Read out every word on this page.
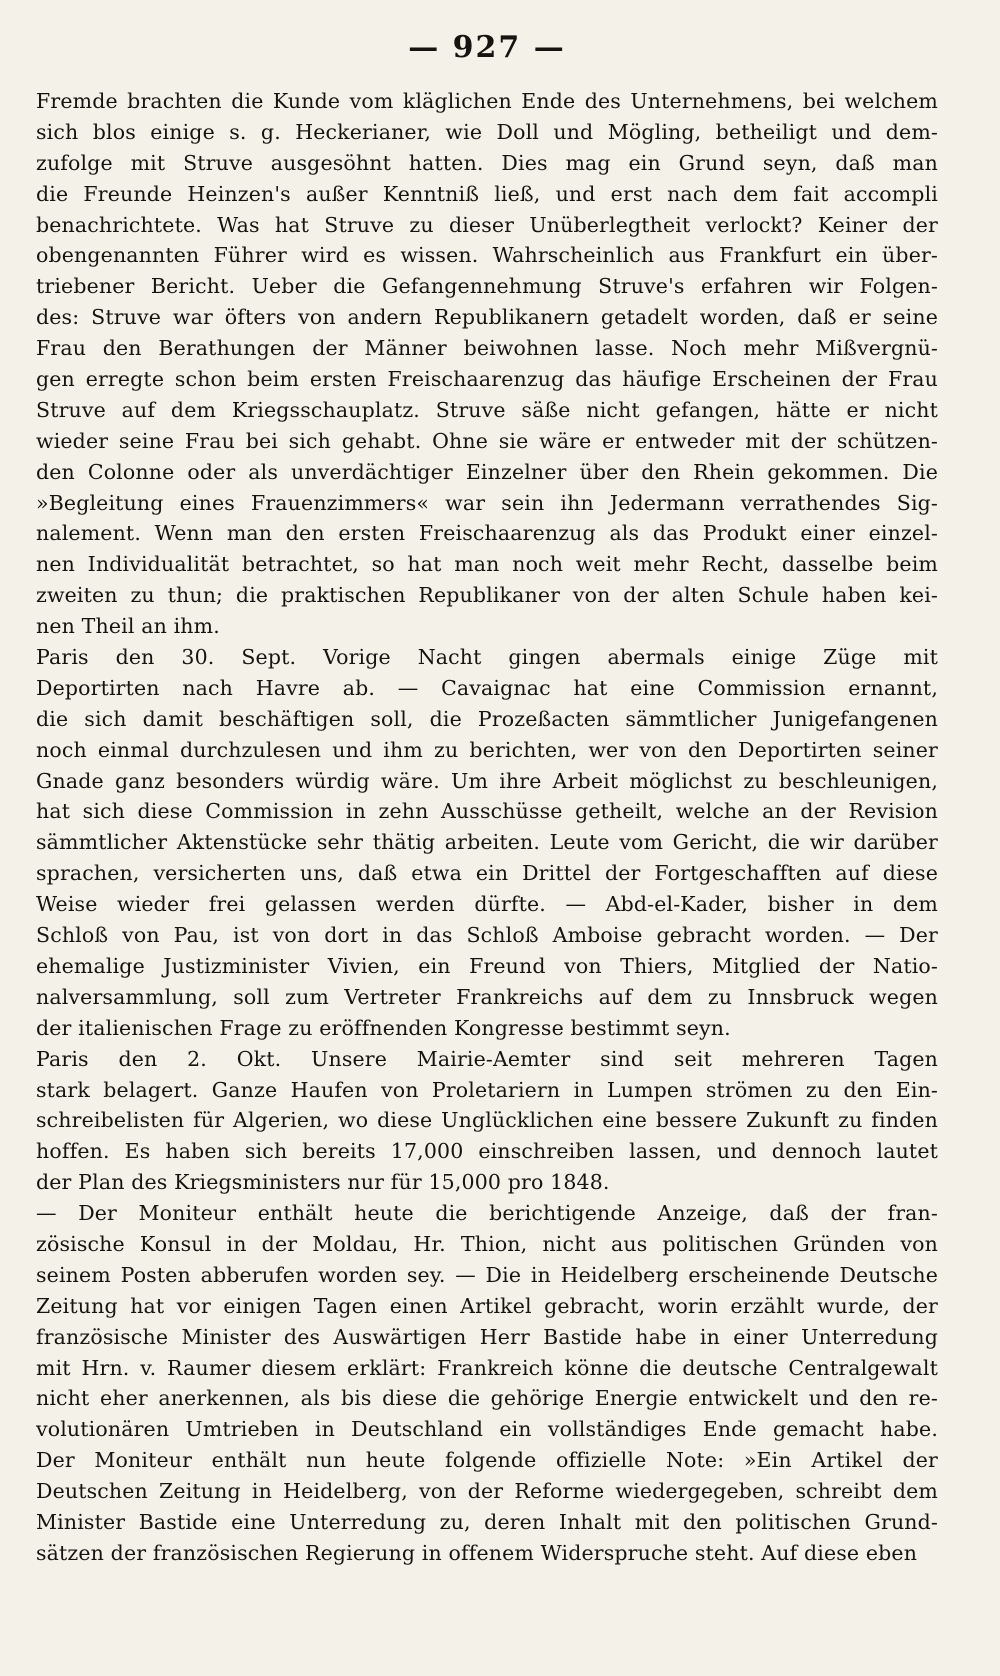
— 927 —
Fremde brachten die Kunde vom kläglichen Ende des Unternehmens, bei welchem
sich blos einige s. g. Heckerianer, wie Doll und Mögling, betheiligt und dem-
zufolge mit Struve ausgesöhnt hatten. Dies mag ein Grund seyn, daß man
die Freunde Heinzen's außer Kenntniß ließ, und erst nach dem fait accompli
benachrichtete. Was hat Struve zu dieser Unüberlegtheit verlockt? Keiner der
obengenannten Führer wird es wissen. Wahrscheinlich aus Frankfurt ein über-
triebener Bericht. Ueber die Gefangennehmung Struve's erfahren wir Folgen-
des: Struve war öfters von andern Republikanern getadelt worden, daß er seine
Frau den Berathungen der Männer beiwohnen lasse. Noch mehr Mißvergnü-
gen erregte schon beim ersten Freischaarenzug das häufige Erscheinen der Frau
Struve auf dem Kriegsschauplatz. Struve säße nicht gefangen, hätte er nicht
wieder seine Frau bei sich gehabt. Ohne sie wäre er entweder mit der schützen-
den Colonne oder als unverdächtiger Einzelner über den Rhein gekommen. Die
»Begleitung eines Frauenzimmers« war sein ihn Jedermann verrathendes Sig-
nalement. Wenn man den ersten Freischaarenzug als das Produkt einer einzel-
nen Individualität betrachtet, so hat man noch weit mehr Recht, dasselbe beim
zweiten zu thun; die praktischen Republikaner von der alten Schule haben kei-
nen Theil an ihm.
Paris den 30. Sept. Vorige Nacht gingen abermals einige Züge mit
Deportirten nach Havre ab. — Cavaignac hat eine Commission ernannt,
die sich damit beschäftigen soll, die Prozeßacten sämmtlicher Junigefangenen
noch einmal durchzulesen und ihm zu berichten, wer von den Deportirten seiner
Gnade ganz besonders würdig wäre. Um ihre Arbeit möglichst zu beschleunigen,
hat sich diese Commission in zehn Ausschüsse getheilt, welche an der Revision
sämmtlicher Aktenstücke sehr thätig arbeiten. Leute vom Gericht, die wir darüber
sprachen, versicherten uns, daß etwa ein Drittel der Fortgeschafften auf diese
Weise wieder frei gelassen werden dürfte. — Abd-el-Kader, bisher in dem
Schloß von Pau, ist von dort in das Schloß Amboise gebracht worden. — Der
ehemalige Justizminister Vivien, ein Freund von Thiers, Mitglied der Natio-
nalversammlung, soll zum Vertreter Frankreichs auf dem zu Innsbruck wegen
der italienischen Frage zu eröffnenden Kongresse bestimmt seyn.
Paris den 2. Okt. Unsere Mairie-Aemter sind seit mehreren Tagen
stark belagert. Ganze Haufen von Proletariern in Lumpen strömen zu den Ein-
schreibelisten für Algerien, wo diese Unglücklichen eine bessere Zukunft zu finden
hoffen. Es haben sich bereits 17,000 einschreiben lassen, und dennoch lautet
der Plan des Kriegsministers nur für 15,000 pro 1848.
— Der Moniteur enthält heute die berichtigende Anzeige, daß der fran-
zösische Konsul in der Moldau, Hr. Thion, nicht aus politischen Gründen von
seinem Posten abberufen worden sey. — Die in Heidelberg erscheinende Deutsche
Zeitung hat vor einigen Tagen einen Artikel gebracht, worin erzählt wurde, der
französische Minister des Auswärtigen Herr Bastide habe in einer Unterredung
mit Hrn. v. Raumer diesem erklärt: Frankreich könne die deutsche Centralgewalt
nicht eher anerkennen, als bis diese die gehörige Energie entwickelt und den re-
volutionären Umtrieben in Deutschland ein vollständiges Ende gemacht habe.
Der Moniteur enthält nun heute folgende offizielle Note: »Ein Artikel der
Deutschen Zeitung in Heidelberg, von der Reforme wiedergegeben, schreibt dem
Minister Bastide eine Unterredung zu, deren Inhalt mit den politischen Grund-
sätzen der französischen Regierung in offenem Widerspruche steht. Auf diese eben
